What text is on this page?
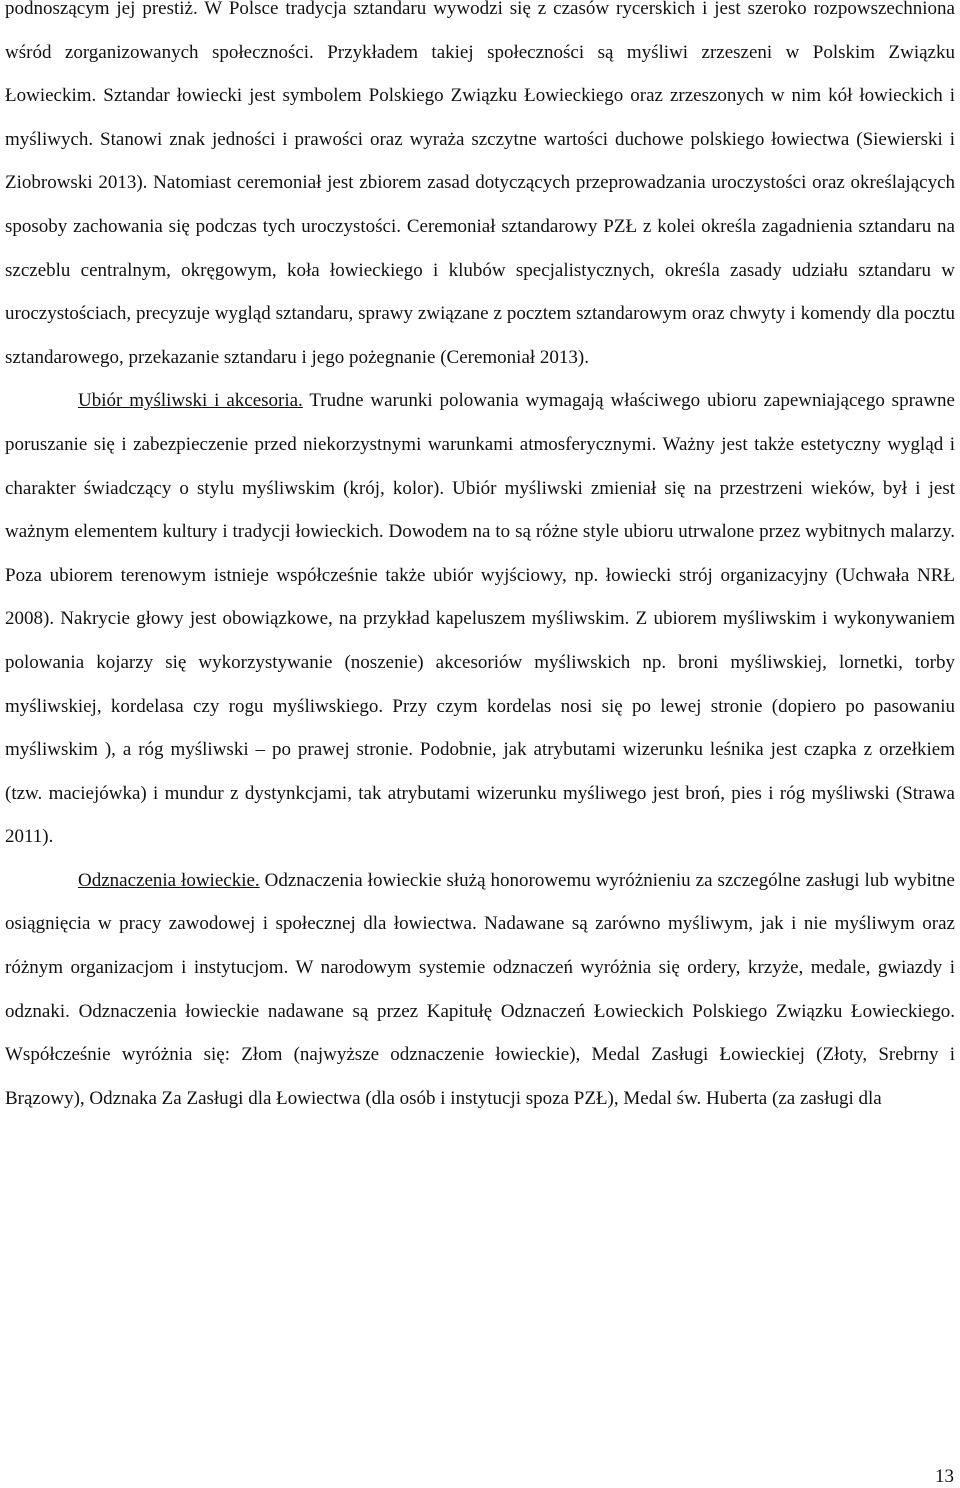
podnoszącym jej prestiż. W Polsce tradycja sztandaru wywodzi się z czasów rycerskich i jest szeroko rozpowszechniona wśród zorganizowanych społeczności. Przykładem takiej społeczności są myśliwi zrzeszeni w Polskim Związku Łowieckim. Sztandar łowiecki jest symbolem Polskiego Związku Łowieckiego oraz zrzeszonych w nim kół łowieckich i myśliwych. Stanowi znak jedności i prawości oraz wyraża szczytne wartości duchowe polskiego łowiectwa (Siewierski i Ziobrowski 2013). Natomiast ceremoniał jest zbiorem zasad dotyczących przeprowadzania uroczystości oraz określających sposoby zachowania się podczas tych uroczystości. Ceremoniał sztandarowy PZŁ z kolei określa zagadnienia sztandaru na szczeblu centralnym, okręgowym, koła łowieckiego i klubów specjalistycznych, określa zasady udziału sztandaru w uroczystościach, precyzuje wygląd sztandaru, sprawy związane z pocztem sztandarowym oraz chwyty i komendy dla pocztu sztandarowego, przekazanie sztandaru i jego pożegnanie (Ceremoniał 2013).

Ubiór myśliwski i akcesoria. Trudne warunki polowania wymagają właściwego ubioru zapewniającego sprawne poruszanie się i zabezpieczenie przed niekorzystnymi warunkami atmosferycznymi. Ważny jest także estetyczny wygląd i charakter świadczący o stylu myśliwskim (krój, kolor). Ubiór myśliwski zmieniał się na przestrzeni wieków, był i jest ważnym elementem kultury i tradycji łowieckich. Dowodem na to są różne style ubioru utrwalone przez wybitnych malarzy. Poza ubiorem terenowym istnieje współcześnie także ubiór wyjściowy, np. łowiecki strój organizacyjny (Uchwała NRŁ 2008). Nakrycie głowy jest obowiązkowe, na przykład kapeluszem myśliwskim. Z ubiorem myśliwskim i wykonywaniem polowania kojarzy się wykorzystywanie (noszenie) akcesoriów myśliwskich np. broni myśliwskiej, lornetki, torby myśliwskiej, kordelasa czy rogu myśliwskiego. Przy czym kordelas nosi się po lewej stronie (dopiero po pasowaniu myśliwskim ), a róg myśliwski – po prawej stronie. Podobnie, jak atrybutami wizerunku leśnika jest czapka z orzełkiem (tzw. maciejówka) i mundur z dystynkcjami, tak atrybutami wizerunku myśliwego jest broń, pies i róg myśliwski (Strawa 2011).

Odznaczenia łowieckie. Odznaczenia łowieckie służą honorowemu wyróżnieniu za szczególne zasługi lub wybitne osiągnięcia w pracy zawodowej i społecznej dla łowiectwa. Nadawane są zarówno myśliwym, jak i nie myśliwym oraz różnym organizacjom i instytucjom. W narodowym systemie odznaczeń wyróżnia się ordery, krzyże, medale, gwiazdy i odznaki. Odznaczenia łowieckie nadawane są przez Kapitułę Odznaczeń Łowieckich Polskiego Związku Łowieckiego. Współcześnie wyróżnia się: Złom (najwyższe odznaczenie łowieckie), Medal Zasługi Łowieckiej (Złoty, Srebrny i Brązowy), Odznaka Za Zasługi dla Łowiectwa (dla osób i instytucji spoza PZŁ), Medal św. Huberta (za zasługi dla

13
